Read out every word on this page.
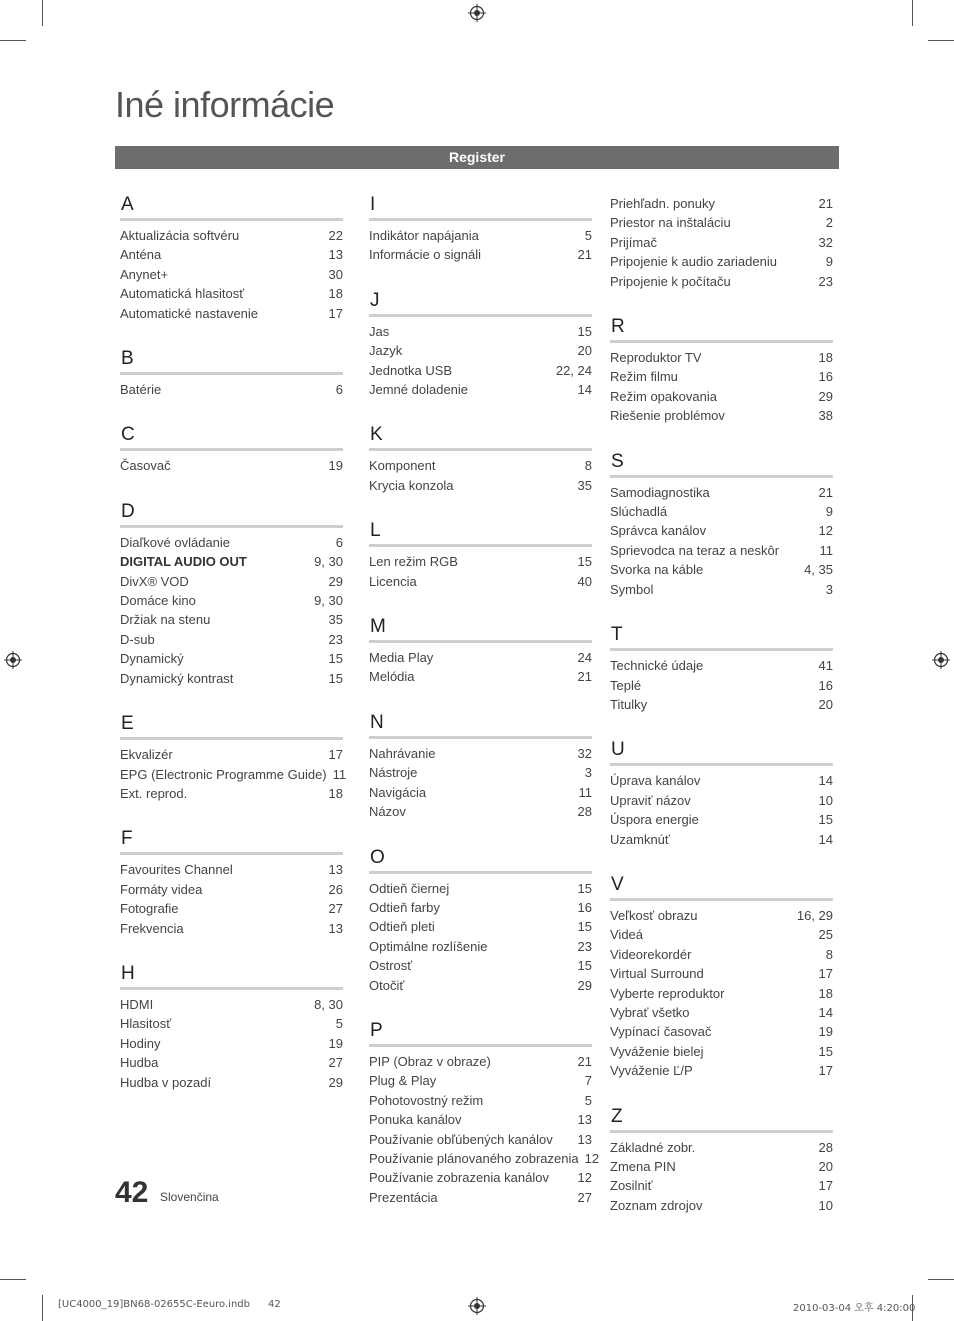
Iné informácie
Register
A
Aktualizácia softvéru	22
Anténa	13
Anynet+	30
Automatická hlasitosť	18
Automatické nastavenie	17
B
Batérie	6
C
Časovač	19
D
Diaľkové ovládanie	6
DIGITAL AUDIO OUT	9, 30
DivX® VOD	29
Domáce kino	9, 30
Držiak na stenu	35
D-sub	23
Dynamický	15
Dynamický kontrast	15
E
Ekvalizér	17
EPG (Electronic Programme Guide) 11
Ext. reprod.	18
F
Favourites Channel	13
Formáty videa	26
Fotografie	27
Frekvencia	13
H
HDMI	8, 30
Hlasitosť	5
Hodiny	19
Hudba	27
Hudba v pozadí	29
I
Indikátor napájania	5
Informácie o signáli	21
J
Jas	15
Jazyk	20
Jednotka USB	22, 24
Jemné doladenie	14
K
Komponent	8
Krycia konzola	35
L
Len režim RGB	15
Licencia	40
M
Media Play	24
Melódia	21
N
Nahrávanie	32
Nástroje	3
Navigácia	11
Názov	28
O
Odtieň čiernej	15
Odtieň farby	16
Odtieň pleti	15
Optimálne rozlíšenie	23
Ostrosť	15
Otočiť	29
P
PIP (Obraz v obraze)	21
Plug & Play	7
Pohotovostný režim	5
Ponuka kanálov	13
Používanie obľúbených kanálov	13
Používanie plánovaného zobrazenia 12
Používanie zobrazenia kanálov	12
Prezentácia	27
Priehľadn. ponuky	21
Priestor na inštaláciu	2
Prijímač	32
Pripojenie k audio zariadeniu	9
Pripojenie k počítaču	23
R
Reproduktor TV	18
Režim filmu	16
Režim opakovania	29
Riešenie problémov	38
S
Samodiagnostika	21
Slúchadlá	9
Správca kanálov	12
Sprievodca na teraz a neskôr	11
Svorka na káble	4, 35
Symbol	3
T
Technické údaje	41
Teplé	16
Titulky	20
U
Úprava kanálov	14
Upraviť názov	10
Úspora energie	15
Uzamknúť	14
V
Veľkosť obrazu	16, 29
Videá	25
Videorekordér	8
Virtual Surround	17
Vyberte reproduktor	18
Vybrať všetko	14
Vypínací časovač	19
Vyváženie bielej	15
Vyváženie Ľ/P	17
Z
Základné zobr.	28
Zmena PIN	20
Zosilniť	17
Zoznam zdrojov	10
42 Slovenčina
[UC4000_19]BN68-02655C-Eeuro.indb 42	2010-03-04 오후 4:20:00
